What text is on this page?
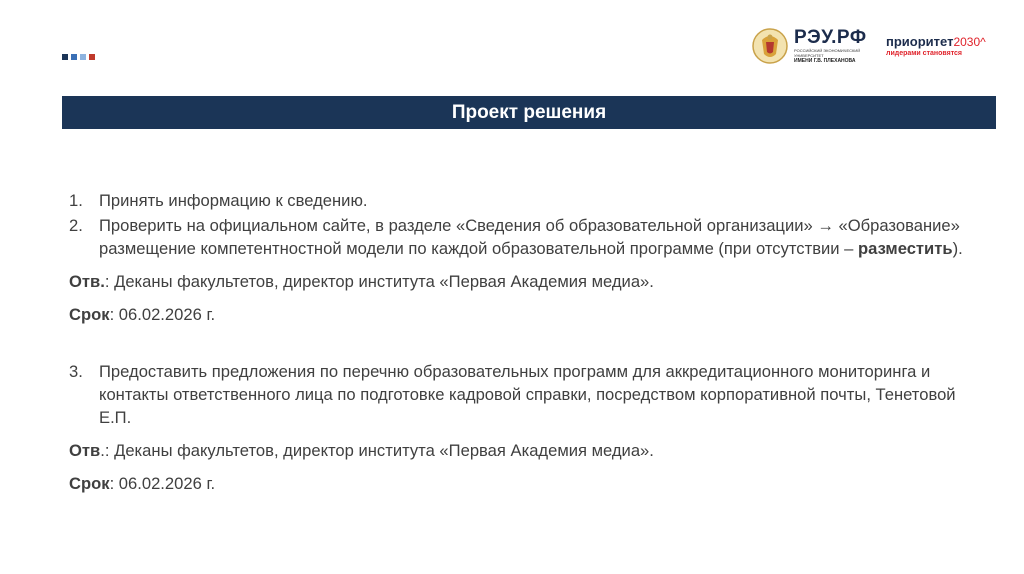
РЭУ.РФ
РОССИЙСКИЙ ЭКОНОМИЧЕСКИЙ УНИВЕРСИТЕТ
ИМЕНИ Г.В. ПЛЕХАНОВА
приоритет2030^
лидерами становятся
Проект решения
1. Принять информацию к сведению.
2. Проверить на официальном сайте, в разделе «Сведения об образовательной организации» → «Образование» размещение компетентностной модели по каждой образовательной программе (при отсутствии – разместить).
Отв.: Деканы факультетов, директор института «Первая Академия медиа».
Срок: 06.02.2026 г.
3. Предоставить предложения по перечню образовательных программ для аккредитационного мониторинга и контакты ответственного лица по подготовке кадровой справки, посредством корпоративной почты, Тенетовой Е.П.
Отв.: Деканы факультетов, директор института «Первая Академия медиа».
Срок: 06.02.2026 г.
